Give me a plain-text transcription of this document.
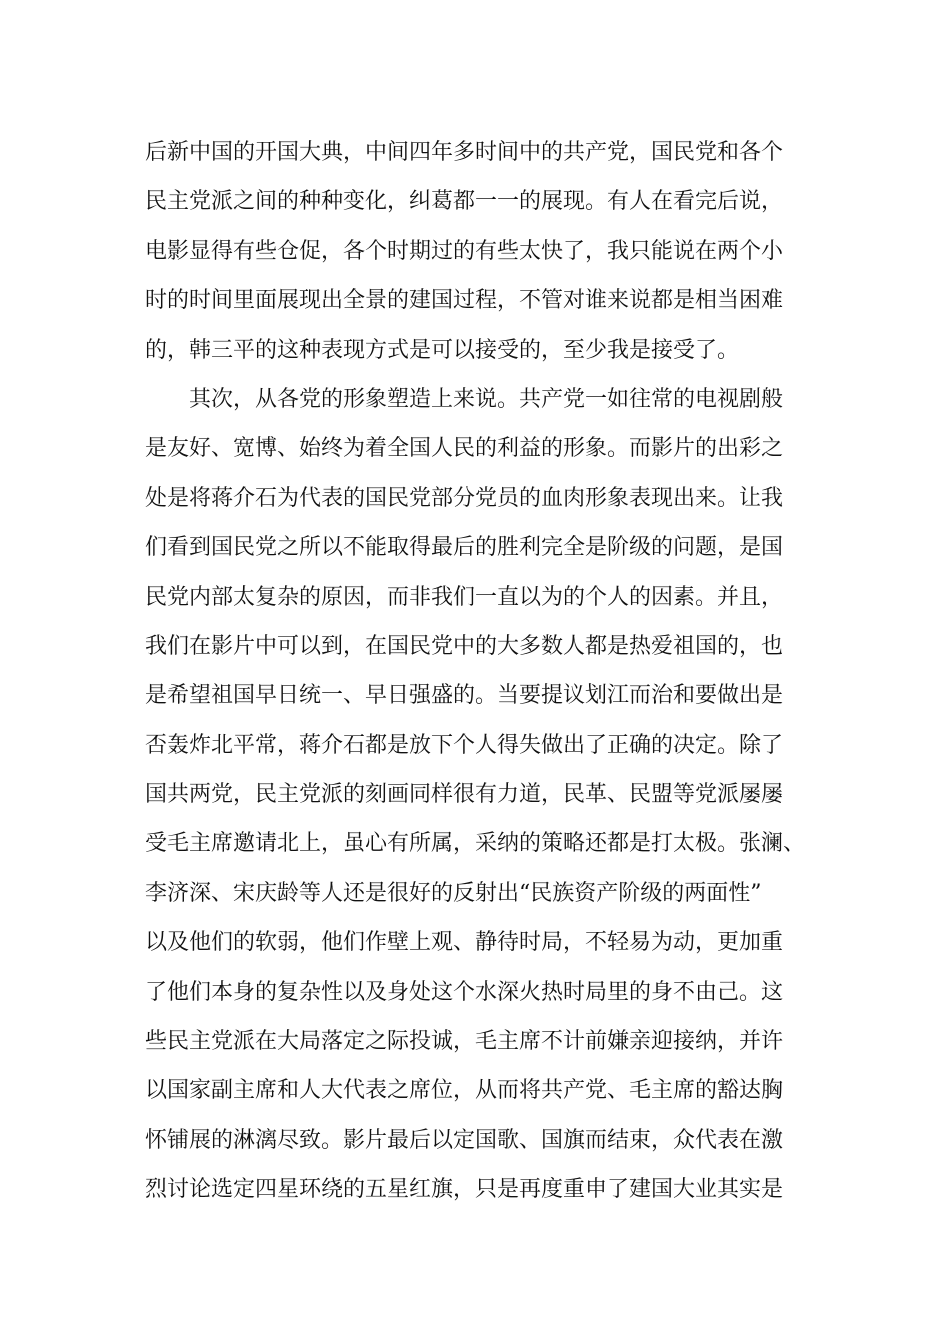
后新中国的开国大典，中间四年多时间中的共产党，国民党和各个
民主党派之间的种种变化，纠葛都一一的展现。有人在看完后说，
电影显得有些仓促，各个时期过的有些太快了，我只能说在两个小
时的时间里面展现出全景的建国过程，不管对谁来说都是相当困难
的，韩三平的这种表现方式是可以接受的，至少我是接受了。
其次，从各党的形象塑造上来说。共产党一如往常的电视剧般
是友好、宽博、始终为着全国人民的利益的形象。而影片的出彩之
处是将蒋介石为代表的国民党部分党员的血肉形象表现出来。让我
们看到国民党之所以不能取得最后的胜利完全是阶级的问题，是国
民党内部太复杂的原因，而非我们一直以为的个人的因素。并且，
我们在影片中可以到，在国民党中的大多数人都是热爱祖国的，也
是希望祖国早日统一、早日强盛的。当要提议划江而治和要做出是
否轰炸北平常，蒋介石都是放下个人得失做出了正确的决定。除了
国共两党，民主党派的刻画同样很有力道，民革、民盟等党派屡屡
受毛主席邀请北上，虽心有所属，采纳的策略还都是打太极。张澜、
李济深、宋庆龄等人还是很好的反射出“民族资产阶级的两面性”
以及他们的软弱，他们作壁上观、静待时局，不轻易为动，更加重
了他们本身的复杂性以及身处这个水深火热时局里的身不由己。这
些民主党派在大局落定之际投诚，毛主席不计前嫌亲迎接纳，并许
以国家副主席和人大代表之席位，从而将共产党、毛主席的豁达胸
怀铺展的淋漓尽致。影片最后以定国歌、国旗而结束，众代表在激
烈讨论选定四星环绕的五星红旗，只是再度重申了建国大业其实是
